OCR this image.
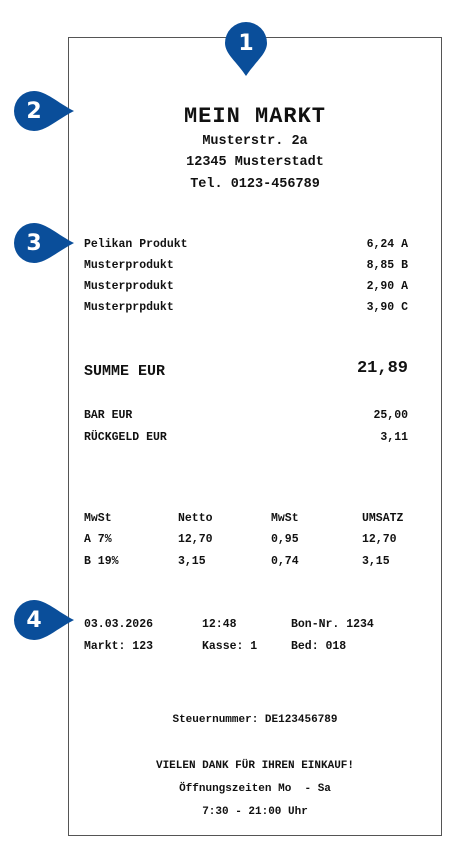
MEIN MARKT
Musterstr. 2a
12345 Musterstadt
Tel. 0123-456789
Pelikan Produkt	6,24 A
Musterprodukt	8,85 B
Musterprodukt	2,90 A
Musterprpdukt	3,90 C
SUMME EUR	21,89
BAR EUR	25,00
RÜCKGELD EUR	3,11
MwSt	Netto	MwSt	UMSATZ
A 7%	12,70	0,95	12,70
B 19%	3,15	0,74	3,15
03.03.2026	12:48	Bon-Nr. 1234
Markt: 123	Kasse: 1	Bed: 018
Steuernummer: DE123456789
VIELEN DANK FÜR IHREN EINKAUF!
Öffnungszeiten Mo  - Sa
7:30 - 21:00 Uhr
1
2
3
4
